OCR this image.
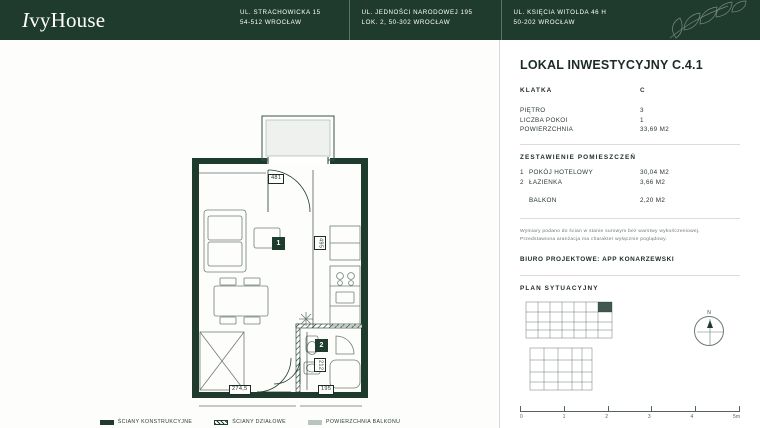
I vyHouse	UL. STRACHOWICKA 15
54-512 WROCŁAW
UL. JEDNOŚCI NARODOWEJ 195
LOK. 2, 50-302 WROCŁAW
UL. KSIĘCIA WITOLDA 46 H
50-202 WROCŁAW
481
495
274,5	195
212
1
2
ŚCIANY KONSTRUKCYJNE	ŚCIANY DZIAŁOWE	POWIERZCHNIA BALKONU
LOKAL INWESTYCYJNY C.4.1
KLATKA	C
PIĘTRO	3
LICZBA POKOI	1
POWIERZCHNIA	33,69 M2
ZESTAWIENIE POMIESZCZEŃ
1 POKÓJ HOTELOWY	30,04 M2
2 ŁAZIENKA	3,66 M2
BALKON	2,20 M2
Wymiary podano do ścian w stanie surowym bez warstwy wykończeniowej.
Przedstawiona aranżacja ma charakter wyłącznie poglądowy.
BIURO PROJEKTOWE: APP KONARZEWSKI
PLAN SYTUACYJNY
N
0	1	2	3	4	5m
